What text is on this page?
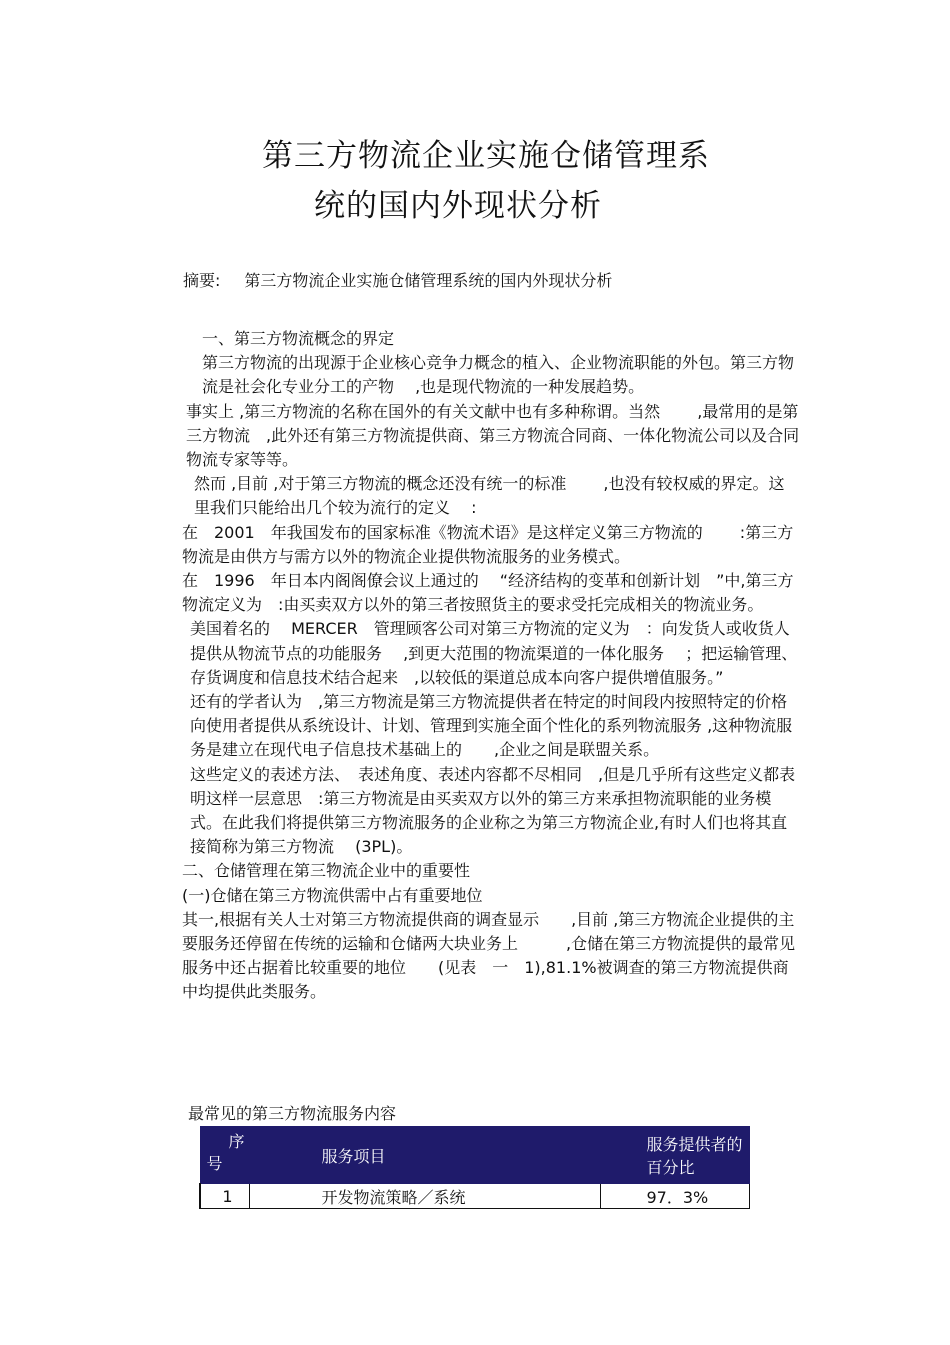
第三方物流企业实施仓储管理系
统的国内外现状分析
摘要: 第三方物流企业实施仓储管理系统的国内外现状分析

一、第三方物流概念的界定

第三方物流的出现源于企业核心竞争力概念的植入、企业物流职能的外包。第三方物流是社会化专业分工的产物　 ,也是现代物流的一种发展趋势。

事实上 ,第三方物流的名称在国外的有关文献中也有多种称谓。当然　　 ,最常用的是第三方物流　,此外还有第三方物流提供商、第三方物流合同商、一体化物流公司以及合同物流专家等等。

然而 ,目前 ,对于第三方物流的概念还没有统一的标准　　 ,也没有较权威的界定。这里我们只能给出几个较为流行的定义　 :

在　2001　年我国发布的国家标准《物流术语》是这样定义第三方物流的　　 :第三方物流是由供方与需方以外的物流企业提供物流服务的业务模式。

在　1996　年日本内阁阁僚会议上通过的　 “经济结构的变革和创新计划　”中,第三方物流定义为　:由买卖双方以外的第三者按照货主的要求受托完成相关的物流业务。

美国着名的　 MERCER　管理顾客公司对第三方物流的定义为　：向发货人或收货人提供从物流节点的功能服务　 ,到更大范围的物流渠道的一体化服务　 ；把运输管理、存货调度和信息技术结合起来　,以较低的渠道总成本向客户提供增值服务。”

还有的学者认为　,第三方物流是第三方物流提供者在特定的时间段内按照特定的价格向使用者提供从系统设计、计划、管理到实施全面个性化的系列物流服务 ,这种物流服务是建立在现代电子信息技术基础上的　　,企业之间是联盟关系。

这些定义的表述方法、　表述角度、表述内容都不尽相同　,但是几乎所有这些定义都表明这样一层意思　:第三方物流是由买卖双方以外的第三方来承担物流职能的业务模式。在此我们将提供第三方物流服务的企业称之为第三方物流企业,有时人们也将其直接简称为第三方物流　 (3PL)。

二、仓储管理在第三物流企业中的重要性

(一)仓储在第三方物流供需中占有重要地位

其一,根据有关人士对第三方物流提供商的调查显示　　,目前 ,第三方物流企业提供的主要服务还停留在传统的运输和仓储两大块业务上　　　,仓储在第三方物流提供的最常见服务中还占据着比较重要的地位　　(见表　一　1),81.1%被调查的第三方物流提供商中均提供此类服务。

最常见的第三方物流服务内容
序
号	服务项目	服务提供者的百分比
1	开发物流策略／系统	97．3%
